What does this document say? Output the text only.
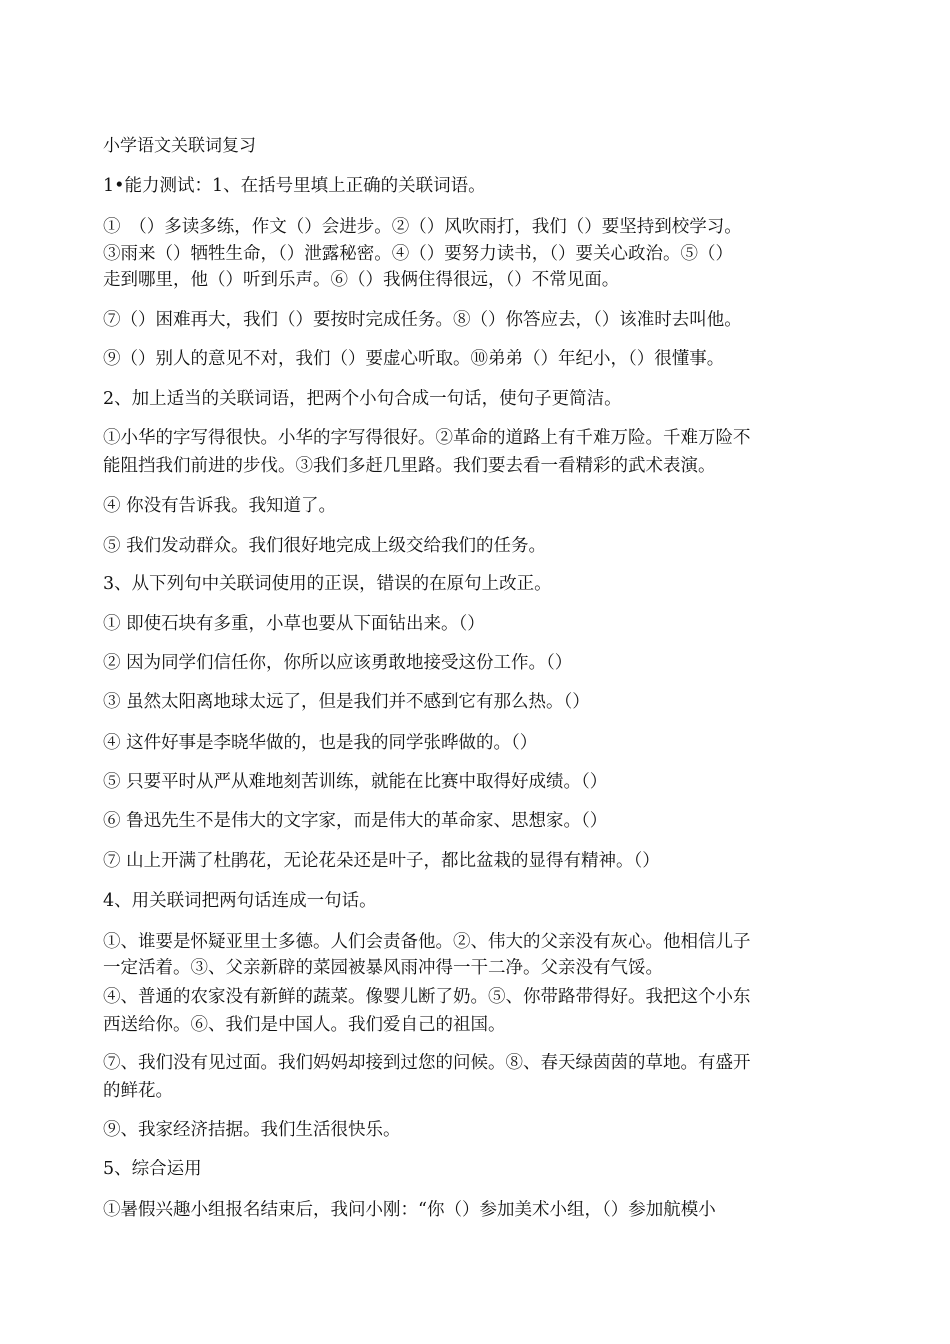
小学语文关联词复习
1•能力测试：1、在括号里填上正确的关联词语。
①　（）多读多练，作文（）会进步。②（）风吹雨打，我们（）要坚持到校学习。
③雨来（）牺牲生命，（）泄露秘密。④（）要努力读书，（）要关心政治。⑤（）
走到哪里，他（）听到乐声。⑥（）我俩住得很远，（）不常见面。
⑦（）困难再大，我们（）要按时完成任务。⑧（）你答应去，（）该准时去叫他。
⑨（）别人的意见不对，我们（）要虚心听取。⑩弟弟（）年纪小，（）很懂事。
2、加上适当的关联词语，把两个小句合成一句话，使句子更简洁。
①小华的字写得很快。小华的字写得很好。②革命的道路上有千难万险。千难万险不
能阻挡我们前进的步伐。③我们多赶几里路。我们要去看一看精彩的武术表演。
④ 你没有告诉我。我知道了。
⑤ 我们发动群众。我们很好地完成上级交给我们的任务。
3、从下列句中关联词使用的正误，错误的在原句上改正。
① 即使石块有多重，小草也要从下面钻出来。（）
② 因为同学们信任你，你所以应该勇敢地接受这份工作。（）
③ 虽然太阳离地球太远了，但是我们并不感到它有那么热。（）
④ 这件好事是李晓华做的，也是我的同学张晔做的。（）
⑤ 只要平时从严从难地刻苦训练，就能在比赛中取得好成绩。（）
⑥ 鲁迅先生不是伟大的文字家，而是伟大的革命家、思想家。（）
⑦ 山上开满了杜鹃花，无论花朵还是叶子，都比盆栽的显得有精神。（）
4、用关联词把两句话连成一句话。
①、谁要是怀疑亚里士多德。人们会责备他。②、伟大的父亲没有灰心。他相信儿子
一定活着。③、父亲新辟的菜园被暴风雨冲得一干二净。父亲没有气馁。
④、普通的农家没有新鲜的蔬菜。像婴儿断了奶。⑤、你带路带得好。我把这个小东
西送给你。⑥、我们是中国人。我们爱自己的祖国。
⑦、我们没有见过面。我们妈妈却接到过您的问候。⑧、春天绿茵茵的草地。有盛开
的鲜花。
⑨、我家经济拮据。我们生活很快乐。
5、综合运用
①暑假兴趣小组报名结束后，我问小刚：“你（）参加美术小组，（）参加航模小
